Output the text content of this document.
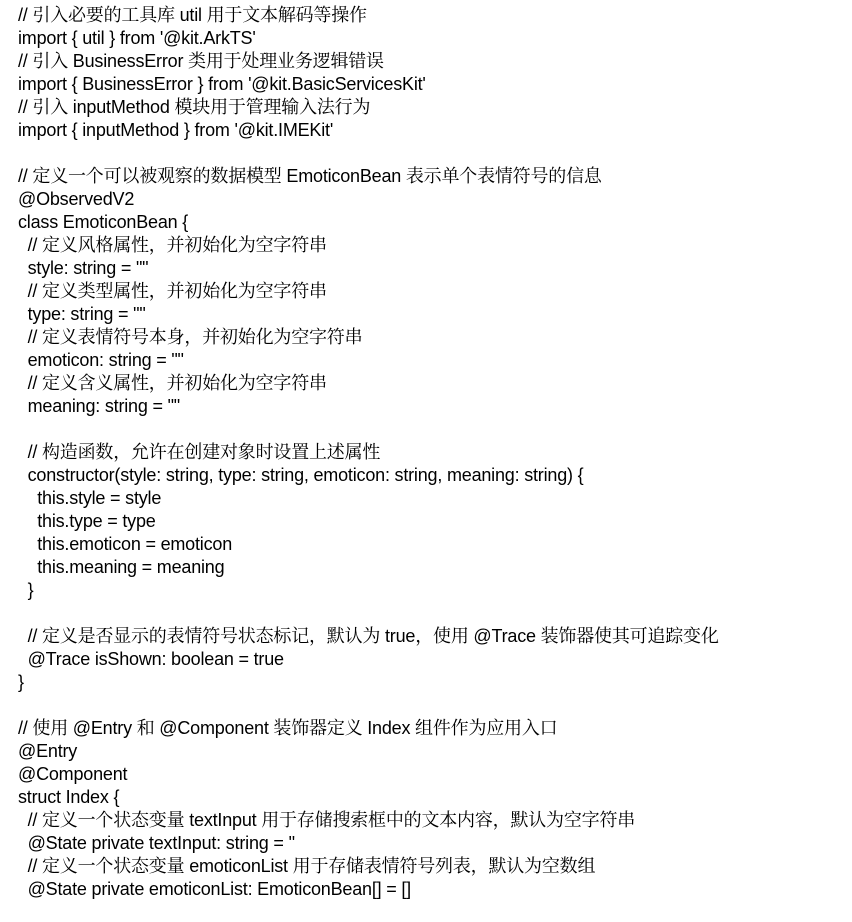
// 引入必要的工具库 util 用于文本解码等操作
import { util } from '@kit.ArkTS'
// 引入 BusinessError 类用于处理业务逻辑错误
import { BusinessError } from '@kit.BasicServicesKit'
// 引入 inputMethod 模块用于管理输入法行为
import { inputMethod } from '@kit.IMEKit'
// 定义一个可以被观察的数据模型 EmoticonBean 表示单个表情符号的信息
@ObservedV2
class EmoticonBean {
// 定义风格属性，并初始化为空字符串
style: string = ""
// 定义类型属性，并初始化为空字符串
type: string = ""
// 定义表情符号本身，并初始化为空字符串
emoticon: string = ""
// 定义含义属性，并初始化为空字符串
meaning: string = ""
// 构造函数，允许在创建对象时设置上述属性
constructor(style: string, type: string, emoticon: string, meaning: string) {
this.style = style
this.type = type
this.emoticon = emoticon
this.meaning = meaning
}
// 定义是否显示的表情符号状态标记，默认为 true，使用 @Trace 装饰器使其可追踪变化
@Trace isShown: boolean = true
}
// 使用 @Entry 和 @Component 装饰器定义 Index 组件作为应用入口
@Entry
@Component
struct Index {
// 定义一个状态变量 textInput 用于存储搜索框中的文本内容，默认为空字符串
@State private textInput: string = ''
// 定义一个状态变量 emoticonList 用于存储表情符号列表，默认为空数组
@State private emoticonList: EmoticonBean[] = []
